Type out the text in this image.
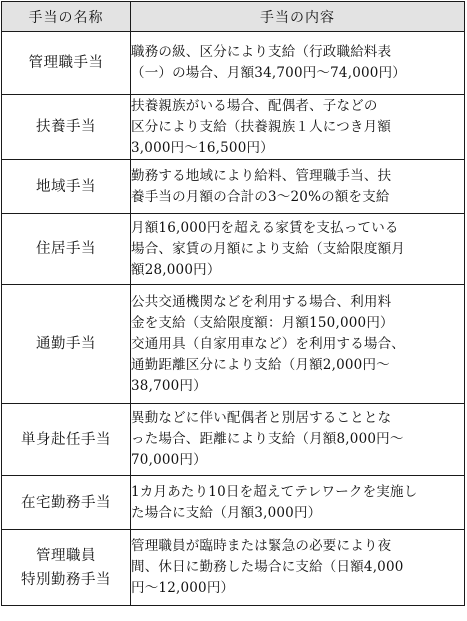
手当の名称	手当の内容

管理職手当	職務の級、区分により支給（行政職給料表
（一）の場合、月額34,700円～74,000円）

扶養手当	扶養親族がいる場合、配偶者、子などの
区分により支給（扶養親族１人につき月額
3,000円～16,500円）

地域手当	勤務する地域により給料、管理職手当、扶
養手当の月額の合計の3～20%の額を支給

住居手当	月額16,000円を超える家賃を支払っている
場合、家賃の月額により支給（支給限度額月
額28,000円）

通勤手当	公共交通機関などを利用する場合、利用料
金を支給（支給限度額：月額150,000円）
交通用具（自家用車など）を利用する場合、
通勤距離区分により支給（月額2,000円～
38,700円）

単身赴任手当	異動などに伴い配偶者と別居することとな
った場合、距離により支給（月額8,000円～
70,000円）

在宅勤務手当	1カ月あたり10日を超えてテレワークを実施し
た場合に支給（月額3,000円）

管理職員
特別勤務手当	管理職員が臨時または緊急の必要により夜
間、休日に勤務した場合に支給（日額4,000
円～12,000円）
